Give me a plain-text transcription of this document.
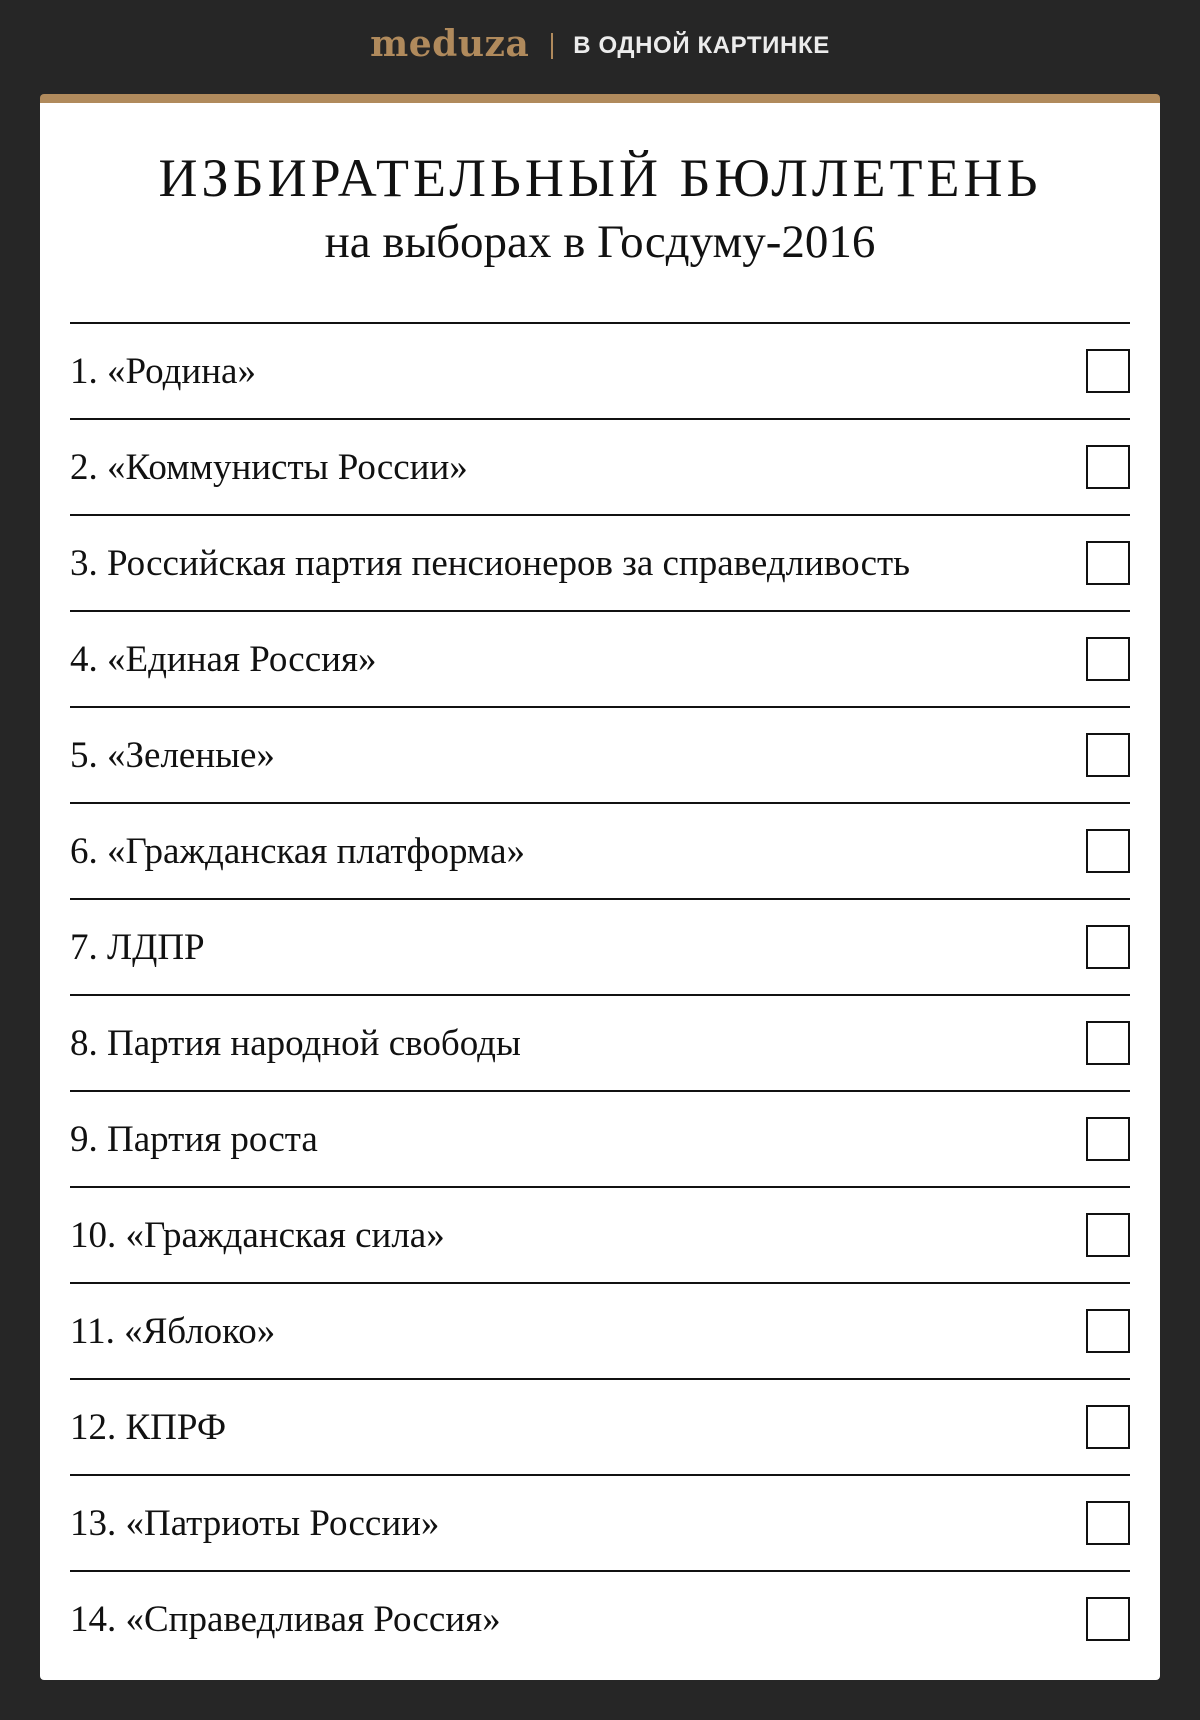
meduza В ОДНОЙ КАРТИНКЕ
ИЗБИРАТЕЛЬНЫЙ БЮЛЛЕТЕНЬ
на выборах в Госдуму-2016
1. «Родина»
2. «Коммунисты России»
3. Российская партия пенсионеров за справедливость
4. «Единая Россия»
5. «Зеленые»
6. «Гражданская платформа»
7. ЛДПР
8. Партия народной свободы
9. Партия роста
10. «Гражданская сила»
11. «Яблоко»
12. КПРФ
13. «Патриоты России»
14. «Справедливая Россия»
